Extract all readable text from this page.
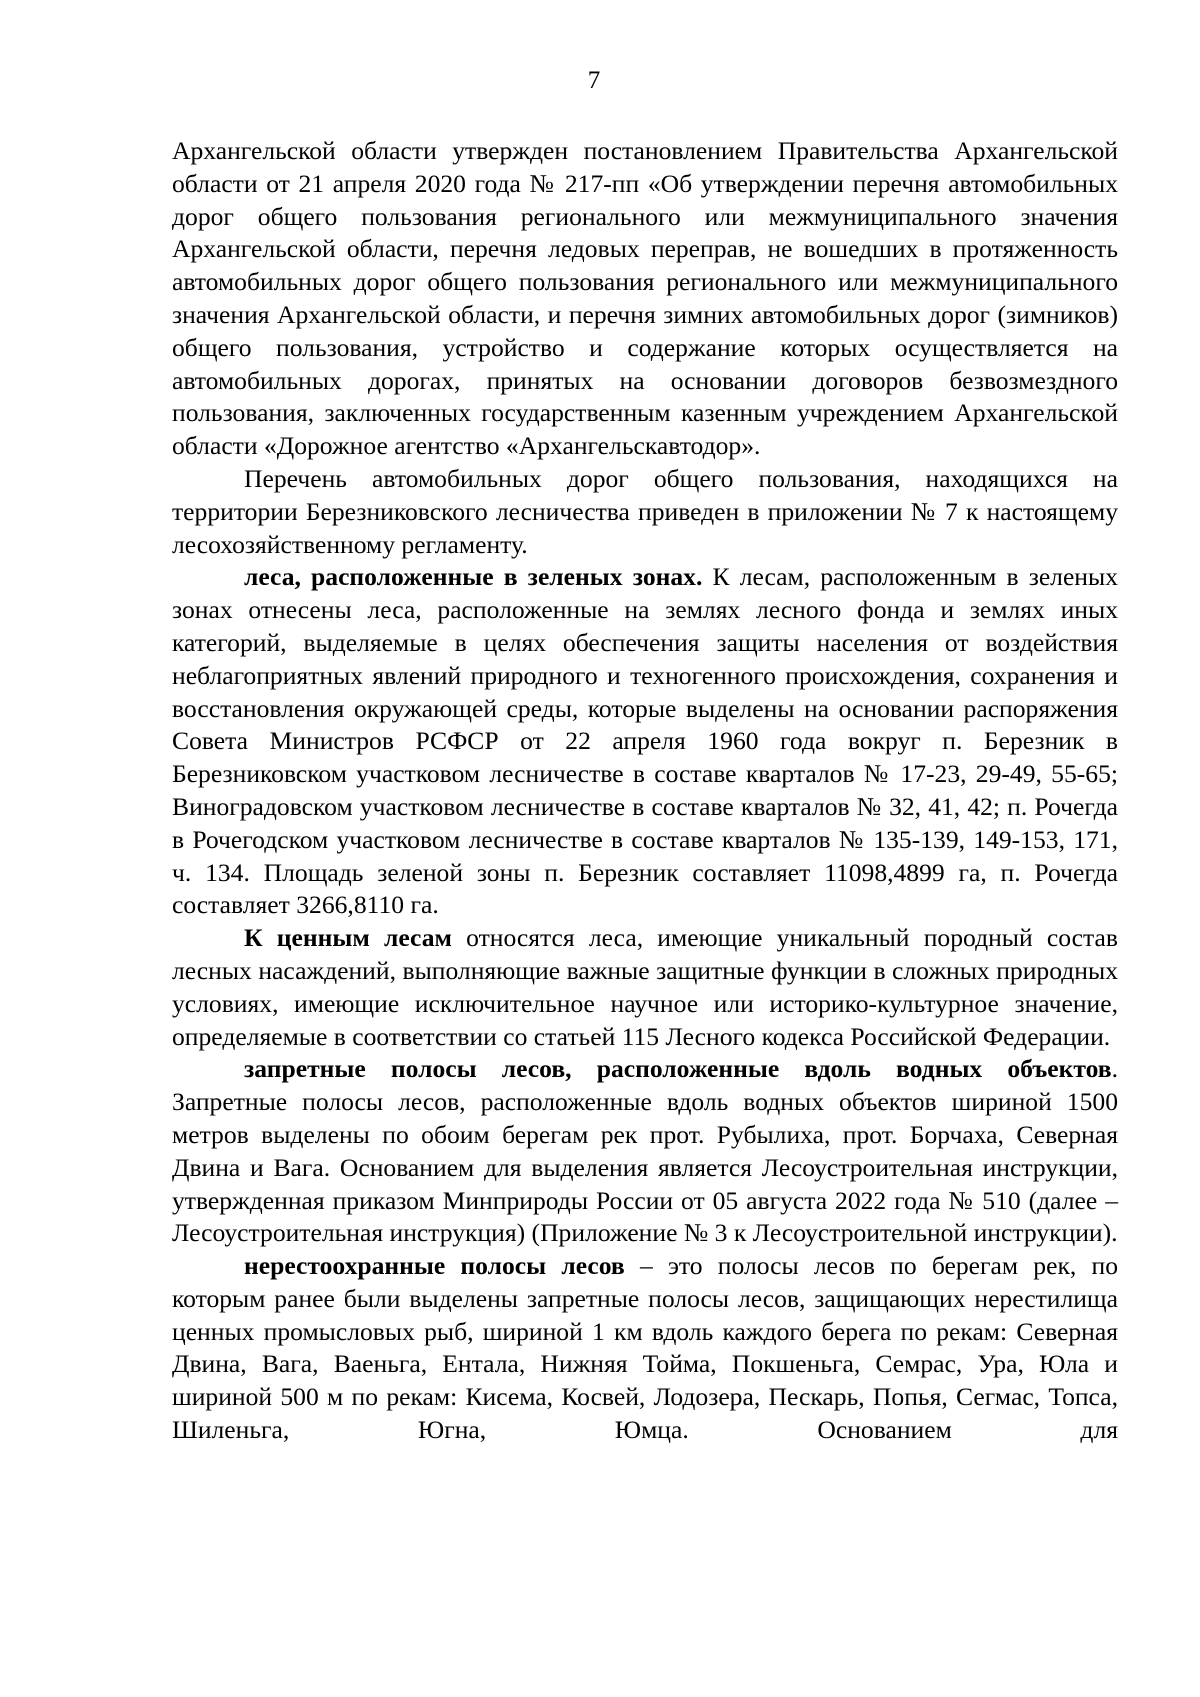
7

Архангельской области утвержден постановлением Правительства Архангельской области от 21 апреля 2020 года № 217-пп «Об утверждении перечня автомобильных дорог общего пользования регионального или межмуниципального значения Архангельской области, перечня ледовых переправ, не вошедших в протяженность автомобильных дорог общего пользования регионального или межмуниципального значения Архангельской области, и перечня зимних автомобильных дорог (зимников) общего пользования, устройство и содержание которых осуществляется на автомобильных дорогах, принятых на основании договоров безвозмездного пользования, заключенных государственным казенным учреждением Архангельской области «Дорожное агентство «Архангельскавтодор».

Перечень автомобильных дорог общего пользования, находящихся на территории Березниковского лесничества приведен в приложении № 7 к настоящему лесохозяйственному регламенту.

леса, расположенные в зеленых зонах. К лесам, расположенным в зеленых зонах отнесены леса, расположенные на землях лесного фонда и землях иных категорий, выделяемые в целях обеспечения защиты населения от воздействия неблагоприятных явлений природного и техногенного происхождения, сохранения и восстановления окружающей среды, которые выделены на основании распоряжения Совета Министров РСФСР от 22 апреля 1960 года вокруг п. Березник в Березниковском участковом лесничестве в составе кварталов № 17-23, 29-49, 55-65; Виноградовском участковом лесничестве в составе кварталов № 32, 41, 42; п. Рочегда в Рочегодском участковом лесничестве в составе кварталов № 135-139, 149-153, 171, ч. 134. Площадь зеленой зоны п. Березник составляет 11098,4899 га, п. Рочегда составляет 3266,8110 га.

К ценным лесам относятся леса, имеющие уникальный породный состав лесных насаждений, выполняющие важные защитные функции в сложных природных условиях, имеющие исключительное научное или историко-культурное значение, определяемые в соответствии со статьей 115 Лесного кодекса Российской Федерации.

запретные полосы лесов, расположенные вдоль водных объектов. Запретные полосы лесов, расположенные вдоль водных объектов шириной 1500 метров выделены по обоим берегам рек прот. Рубылиха, прот. Борчаха, Северная Двина и Вага. Основанием для выделения является Лесоустроительная инструкции, утвержденная приказом Минприроды России от 05 августа 2022 года № 510 (далее – Лесоустроительная инструкция) (Приложение № 3 к Лесоустроительной инструкции).

нерестоохранные полосы лесов – это полосы лесов по берегам рек, по которым ранее были выделены запретные полосы лесов, защищающих нерестилища ценных промысловых рыб, шириной 1 км вдоль каждого берега по рекам: Северная Двина, Вага, Ваеньга, Ентала, Нижняя Тойма, Покшеньга, Семрас, Ура, Юла и шириной 500 м по рекам: Кисема, Косвей, Лодозера, Пескарь, Попья, Сегмас, Топса, Шиленьга, Югна, Юмца. Основанием для
